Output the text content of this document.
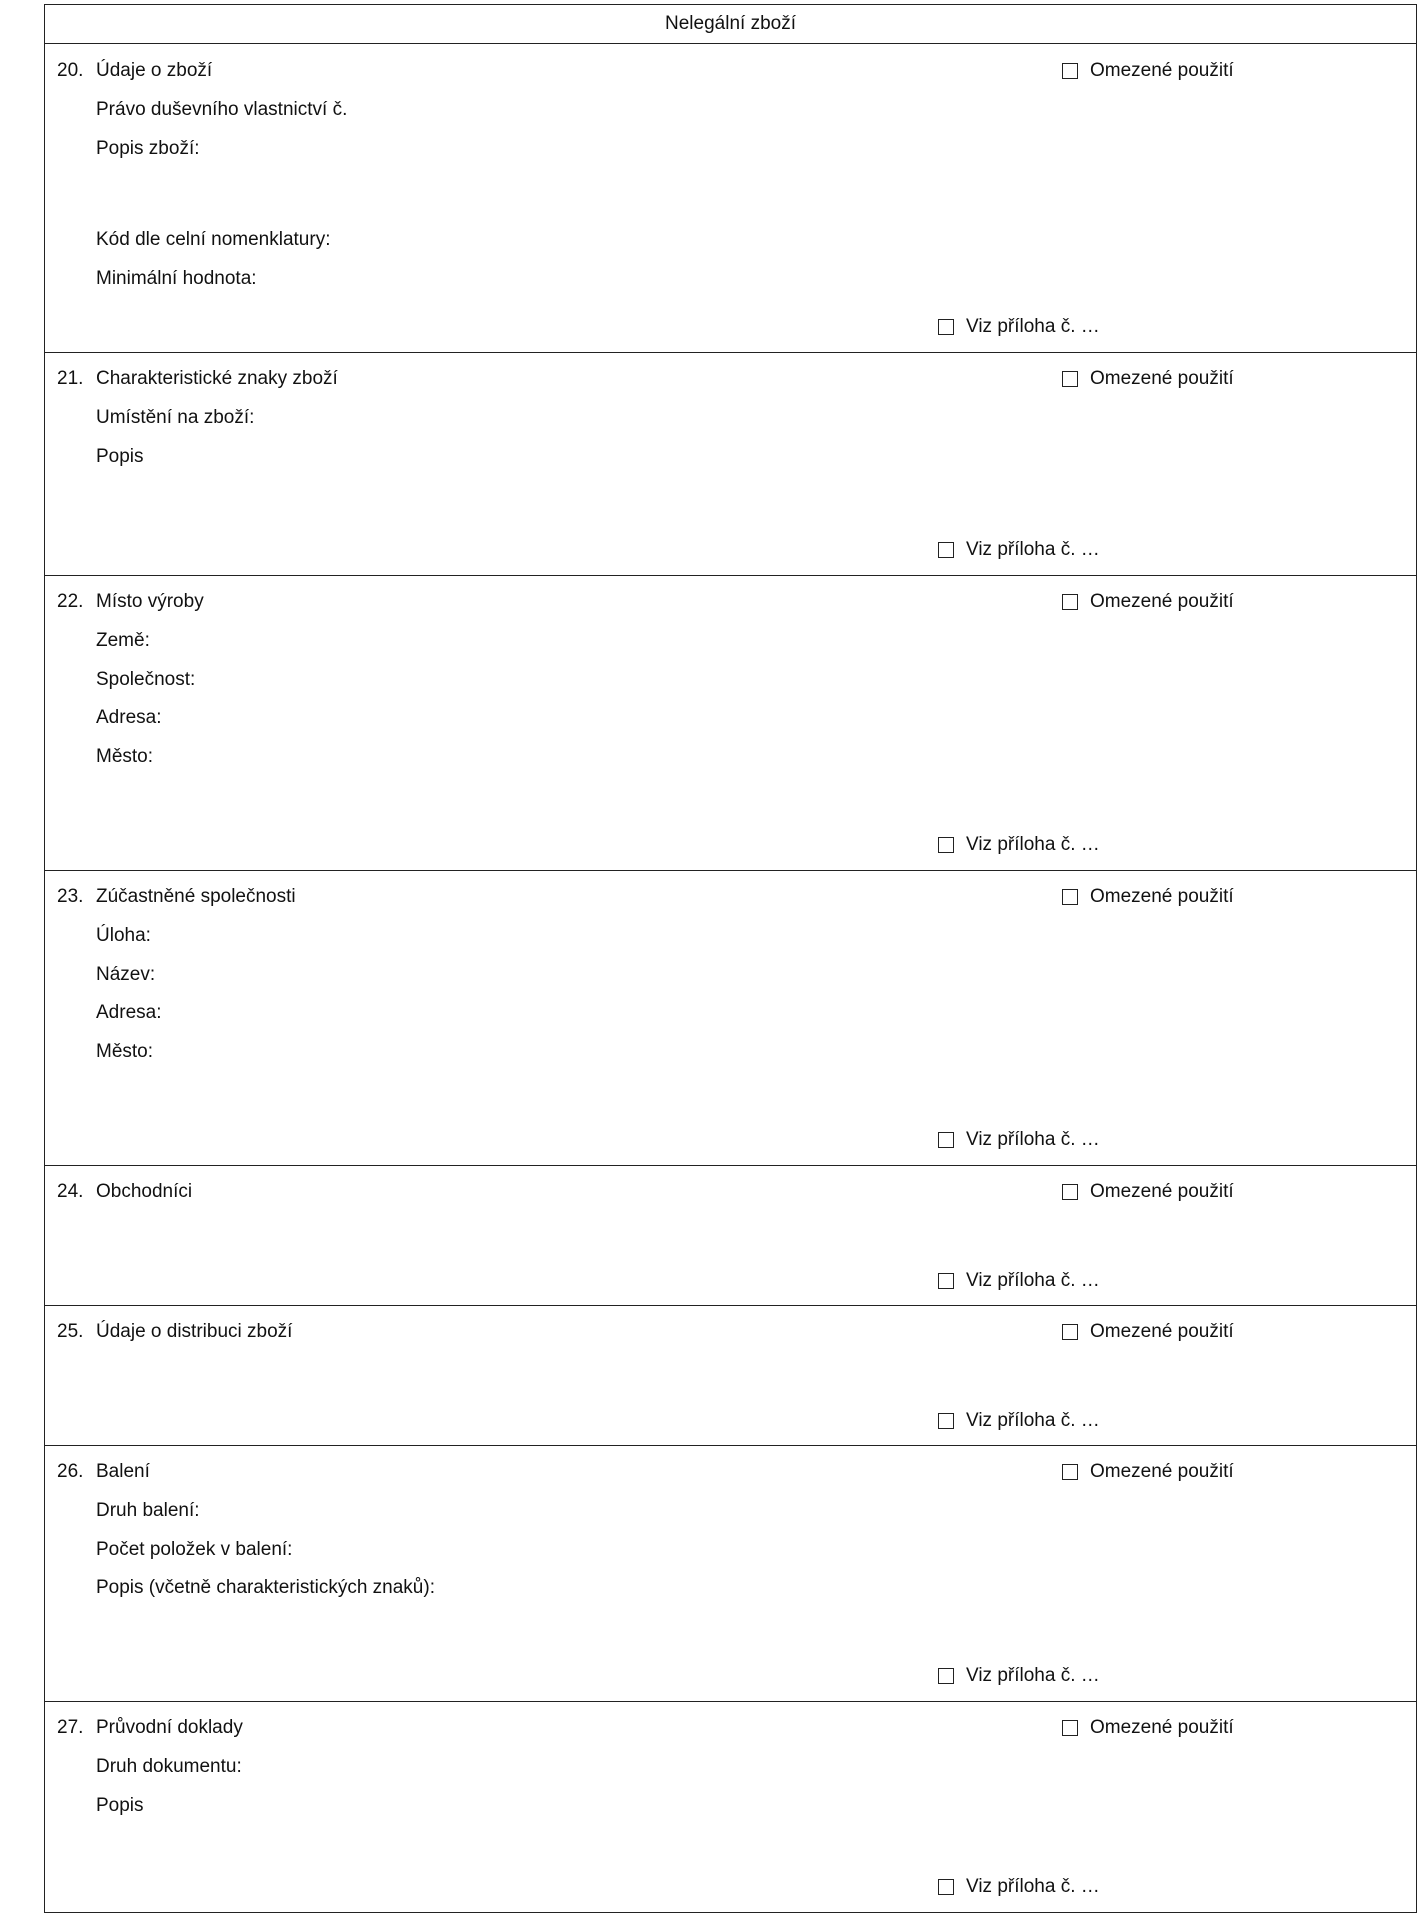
Nelegální zboží
20. Údaje o zboží
Právo duševního vlastnictví č.
Popis zboží:
Kód dle celní nomenklatury:
Minimální hodnota:
Omezené použití
Viz příloha č. …
21. Charakteristické znaky zboží
Umístění na zboží:
Popis
Omezené použití
Viz příloha č. …
22. Místo výroby
Země:
Společnost:
Adresa:
Město:
Omezené použití
Viz příloha č. …
23. Zúčastněné společnosti
Úloha:
Název:
Adresa:
Město:
Omezené použití
Viz příloha č. …
24. Obchodníci	Omezené použití
Viz příloha č. …
25. Údaje o distribuci zboží	Omezené použití
Viz příloha č. …
26. Balení
Druh balení:
Počet položek v balení:
Popis (včetně charakteristických znaků):
Omezené použití
Viz příloha č. …
27. Průvodní doklady
Druh dokumentu:
Popis
Omezené použití
Viz příloha č. …
